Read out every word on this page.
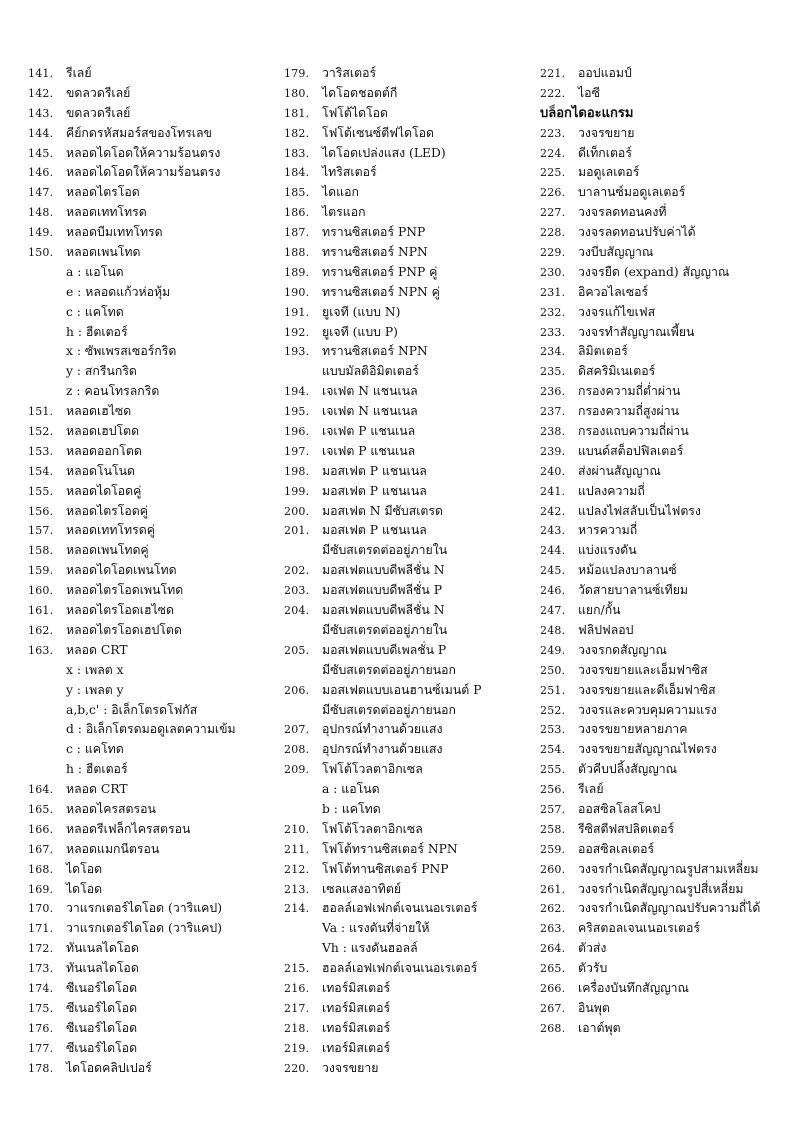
141.	รีเลย์
142.	ขดลวดรีเลย์
143.	ขดลวดรีเลย์
144.	คีย์กดรหัสมอร์สของโทรเลข
145.	หลอดไดโอดให้ความร้อนตรง
146.	หลอดไดโอดให้ความร้อนตรง
147.	หลอดไตรโอด
148.	หลอดเททโทรด
149.	หลอดบีมเททโทรด
150.	หลอดเพนโทด
a : แอโนด
e : หลอดแก้วห่อหุ้ม
c : แคโทด
h : ฮีตเตอร์
x : ซัพเพรสเซอร์กริด
y : สกรีนกริด
z : คอนโทรลกริด
151.	หลอดเฮไซด
152.	หลอดเฮปโตด
153.	หลอดออกโตด
154.	หลอดโนโนด
155.	หลอดไดโอดคู่
156.	หลอดไตรโอดคู่
157.	หลอดเททโทรดคู่
158.	หลอดเพนโทดคู่
159.	หลอดไดโอดเพนโทด
160.	หลอดไตรโอดเพนโทด
161.	หลอดไตรโอดเฮไซด
162.	หลอดไตรโอดเฮปโตด
163.	หลอด CRT
x : เพลต x
y : เพลต y
a,b,c' : อิเล็กโตรดโฟกัส
d : อิเล็กโตรดมอดูเลตความเข้ม
c : แคโทด
h : ฮีตเตอร์
164.	หลอด CRT
165.	หลอดไครสตรอน
166.	หลอดรีเฟล็กไครสตรอน
167.	หลอดแมกนีตรอน
168.	ไดโอด
169.	ไดโอด
170.	วาแรกเตอร์ไดโอด (วาริแคป)
171.	วาแรกเตอร์ไดโอด (วาริแคป)
172.	ทันเนลไดโอด
173.	ทันเนลไดโอด
174.	ซีเนอร์ไดโอด
175.	ซีเนอร์ไดโอด
176.	ซีเนอร์ไดโอด
177.	ซีเนอร์ไดโอด
178.	ไดโอดคลิปเปอร์
179.	วาริสเตอร์
180.	ไดโอดชอตต์กี
181.	โฟโต้ไดโอด
182.	โฟโต้เซนซ์ตีฟไดโอด
183.	ไดโอดเปล่งแสง (LED)
184.	ไทริสเตอร์
185.	ไดแอก
186.	ไตรแอก
187.	ทรานซิสเตอร์ PNP
188.	ทรานซิสเตอร์ NPN
189.	ทรานซิสเตอร์ PNP คู่
190.	ทรานซิสเตอร์ NPN คู่
191.	ยูเจที (แบบ N)
192.	ยูเจที (แบบ P)
193.	ทรานซิสเตอร์ NPN
แบบมัลติอิมิตเตอร์
194.	เจเฟต N แชนเนล
195.	เจเฟต N แชนเนล
196.	เจเฟต P แชนเนล
197.	เจเฟต P แชนเนล
198.	มอสเฟต P แชนเนล
199.	มอสเฟต P แชนเนล
200.	มอสเฟต N มีซับสเตรด
201.	มอสเฟต P แชนเนล
มีซับสเตรดต่ออยู่ภายใน
202.	มอสเฟตแบบดีพลีชั่น N
203.	มอสเฟตแบบดีพลีชั่น P
204.	มอสเฟตแบบดีพลีชั่น N
มีซับสเตรดต่ออยู่ภายใน
205.	มอสเฟตแบบดีเพลชั่น P
มีซับสเตรดต่ออยู่ภายนอก
206.	มอสเฟตแบบเอนฮานซ์เมนต์ P
มีซับสเตรดต่ออยู่ภายนอก
207.	อุปกรณ์ทำงานด้วยแสง
208.	อุปกรณ์ทำงานด้วยแสง
209.	โฟโต้โวลตาอิกเซล
a : แอโนด
b : แคโทด
210.	โฟโต้โวลตาอิกเซล
211.	โฟโต้ทรานซิสเตอร์ NPN
212.	โฟโต้ทานซิสเตอร์ PNP
213.	เซลแสงอาทิตย์
214.	ฮอลล์เอฟเฟกต์เจนเนอเรเตอร์
Va : แรงดันที่จ่ายให้
Vh : แรงดันฮอลล์
215.	ฮอลล์เอฟเฟกต์เจนเนอเรเตอร์
216.	เทอร์มิสเตอร์
217.	เทอร์มิสเตอร์
218.	เทอร์มิสเตอร์
219.	เทอร์มิสเตอร์
220.	วงจรขยาย
221.	ออปแอมป์
222.	ไอซี
บล็อกไดอะแกรม
223.	วงจรขยาย
224.	ดีเท็กเตอร์
225.	มอดูเลเตอร์
226.	บาลานซ์มอดูเลเตอร์
227.	วงจรลดทอนคงที่
228.	วงจรลดทอนปรับค่าได้
229.	วงบีบสัญญาณ
230.	วงจรยืด (expand) สัญญาณ
231.	อิควอไลเซอร์
232.	วงจรแก้ไขเฟส
233.	วงจรทำสัญญาณเพี้ยน
234.	ลิมิตเตอร์
235.	ดิสคริมิเนเตอร์
236.	กรองความถี่ต่ำผ่าน
237.	กรองความถี่สูงผ่าน
238.	กรองแถบความถี่ผ่าน
239.	แบนด์สต็อปฟิลเตอร์
240.	ส่งผ่านสัญญาณ
241.	แปลงความถี่
242.	แปลงไฟสลับเป็นไฟตรง
243.	หารความถี่
244.	แบ่งแรงดัน
245.	หม้อแปลงบาลานซ์
246.	วัดสายบาลานซ์เทียม
247.	แยก/กั้น
248.	ฟลิปฟลอป
249.	วงจรกดสัญญาณ
250.	วงจรขยายและเอ็มฟาซิส
251.	วงจรขยายและดีเอ็มฟาซิส
252.	วงจรและควบคุมความแรง
253.	วงจรขยายหลายภาค
254.	วงจรขยายสัญญาณไฟตรง
255.	ตัวคีบปลิ้งสัญญาณ
256.	รีเลย์
257.	ออสซิลโลสโคป
258.	รีซิสตีฟสปลิตเตอร์
259.	ออสซิลเลเตอร์
260.	วงจรกำเนิดสัญญาณรูปสามเหลี่ยม
261.	วงจรกำเนิดสัญญาณรูปสี่เหลี่ยม
262.	วงจรกำเนิดสัญญาณปรับความถี่ได้
263.	คริสตอลเจนเนอเรเตอร์
264.	ตัวส่ง
265.	ตัวรับ
266.	เครื่องบันทึกสัญญาณ
267.	อินพุต
268.	เอาต์พุต
